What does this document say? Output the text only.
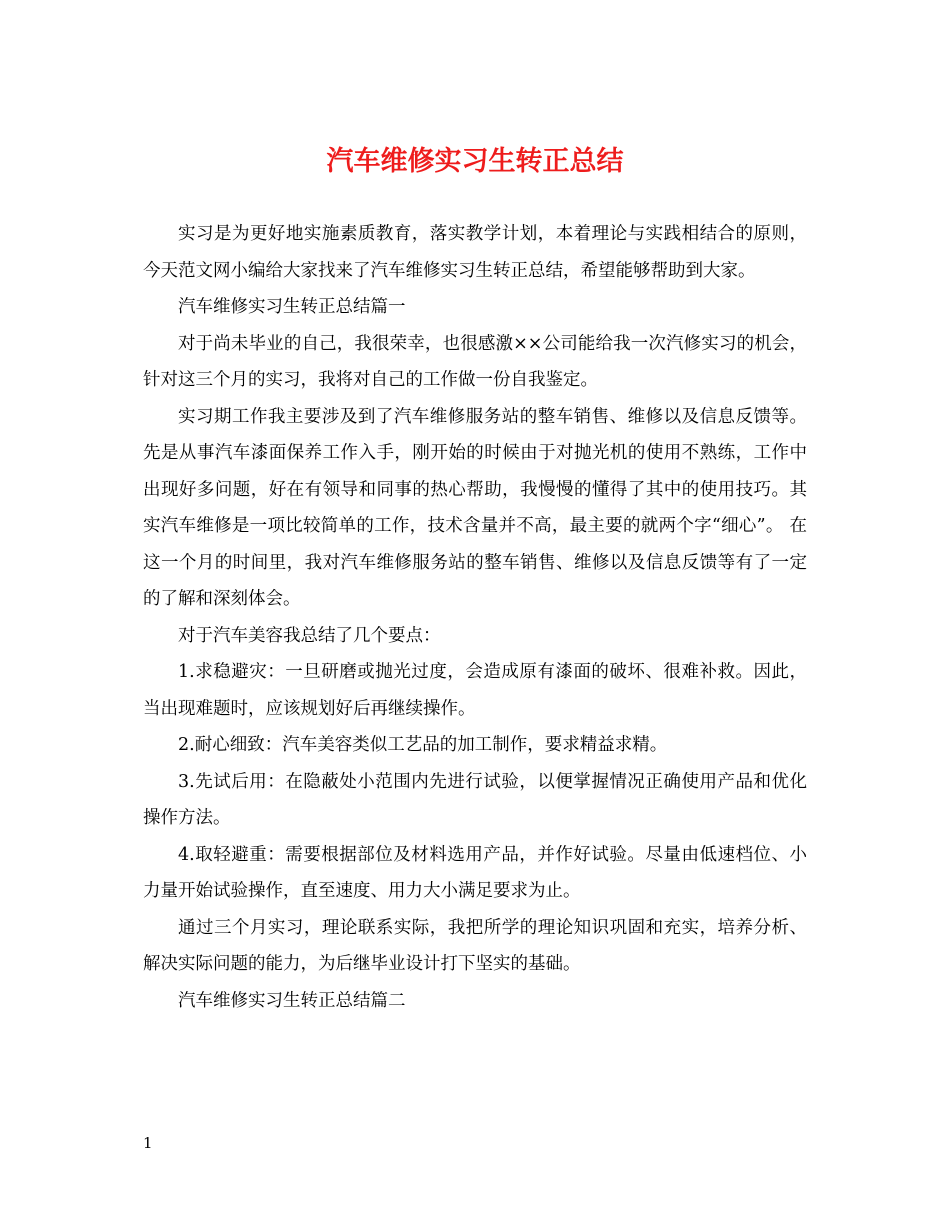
汽车维修实习生转正总结

实习是为更好地实施素质教育，落实教学计划，本着理论与实践相结合的原则，今天范文网小编给大家找来了汽车维修实习生转正总结，希望能够帮助到大家。

汽车维修实习生转正总结篇一

对于尚未毕业的自己，我很荣幸，也很感激××公司能给我一次汽修实习的机会，针对这三个月的实习，我将对自己的工作做一份自我鉴定。

实习期工作我主要涉及到了汽车维修服务站的整车销售、维修以及信息反馈等。先是从事汽车漆面保养工作入手，刚开始的时候由于对抛光机的使用不熟练，工作中出现好多问题，好在有领导和同事的热心帮助，我慢慢的懂得了其中的使用技巧。其实汽车维修是一项比较简单的工作，技术含量并不高，最主要的就两个字“细心”。 在这一个月的时间里，我对汽车维修服务站的整车销售、维修以及信息反馈等有了一定的了解和深刻体会。

对于汽车美容我总结了几个要点：

1.求稳避灾：一旦研磨或抛光过度，会造成原有漆面的破坏、很难补救。因此，当出现难题时，应该规划好后再继续操作。

2.耐心细致：汽车美容类似工艺品的加工制作，要求精益求精。

3.先试后用：在隐蔽处小范围内先进行试验，以便掌握情况正确使用产品和优化操作方法。

4.取轻避重：需要根据部位及材料选用产品，并作好试验。尽量由低速档位、小力量开始试验操作，直至速度、用力大小满足要求为止。

通过三个月实习，理论联系实际，我把所学的理论知识巩固和充实，培养分析、解决实际问题的能力，为后继毕业设计打下坚实的基础。

汽车维修实习生转正总结篇二

1
